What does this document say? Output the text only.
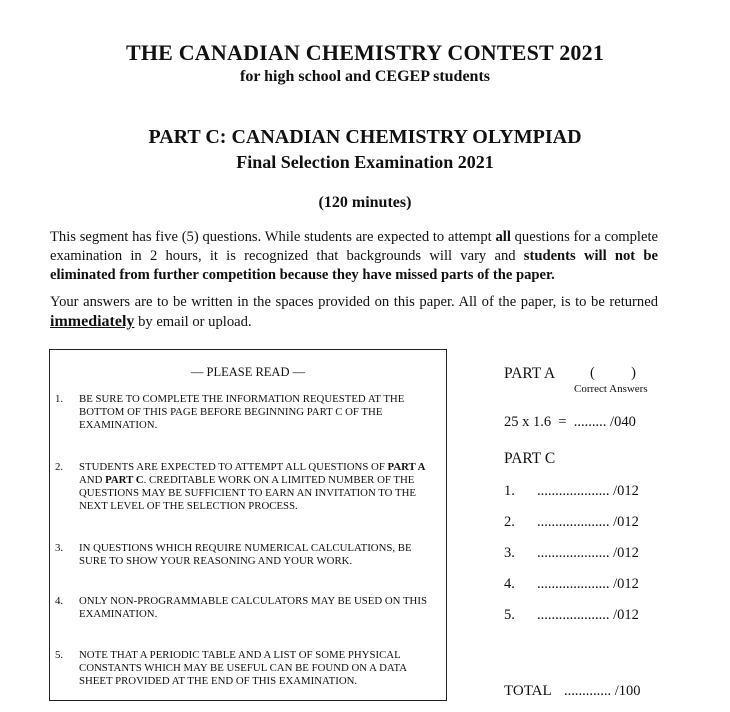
THE CANADIAN CHEMISTRY CONTEST 2021
for high school and CEGEP students
PART C: CANADIAN CHEMISTRY OLYMPIAD
Final Selection Examination 2021
(120 minutes)
This segment has five (5) questions. While students are expected to attempt all questions for a complete examination in 2 hours, it is recognized that backgrounds will vary and students will not be eliminated from further competition because they have missed parts of the paper.
Your answers are to be written in the spaces provided on this paper. All of the paper, is to be returned immediately by email or upload.
— PLEASE READ —
1.	BE SURE TO COMPLETE THE INFORMATION REQUESTED AT THE BOTTOM OF THIS PAGE BEFORE BEGINNING PART C OF THE EXAMINATION.
2.	STUDENTS ARE EXPECTED TO ATTEMPT ALL QUESTIONS OF PART A AND PART C. CREDITABLE WORK ON A LIMITED NUMBER OF THE QUESTIONS MAY BE SUFFICIENT TO EARN AN INVITATION TO THE NEXT LEVEL OF THE SELECTION PROCESS.
3.	IN QUESTIONS WHICH REQUIRE NUMERICAL CALCULATIONS, BE SURE TO SHOW YOUR REASONING AND YOUR WORK.
4.	ONLY NON-PROGRAMMABLE CALCULATORS MAY BE USED ON THIS EXAMINATION.
5.	NOTE THAT A PERIODIC TABLE AND A LIST OF SOME PHYSICAL CONSTANTS WHICH MAY BE USEFUL CAN BE FOUND ON A DATA SHEET PROVIDED AT THE END OF THIS EXAMINATION.
PART A (          )
Correct Answers
25 x 1.6  =  ......... /040
PART C
1. .................... /012
2. .................... /012
3. .................... /012
4. .................... /012
5. .................... /012
TOTAL ............. /100
